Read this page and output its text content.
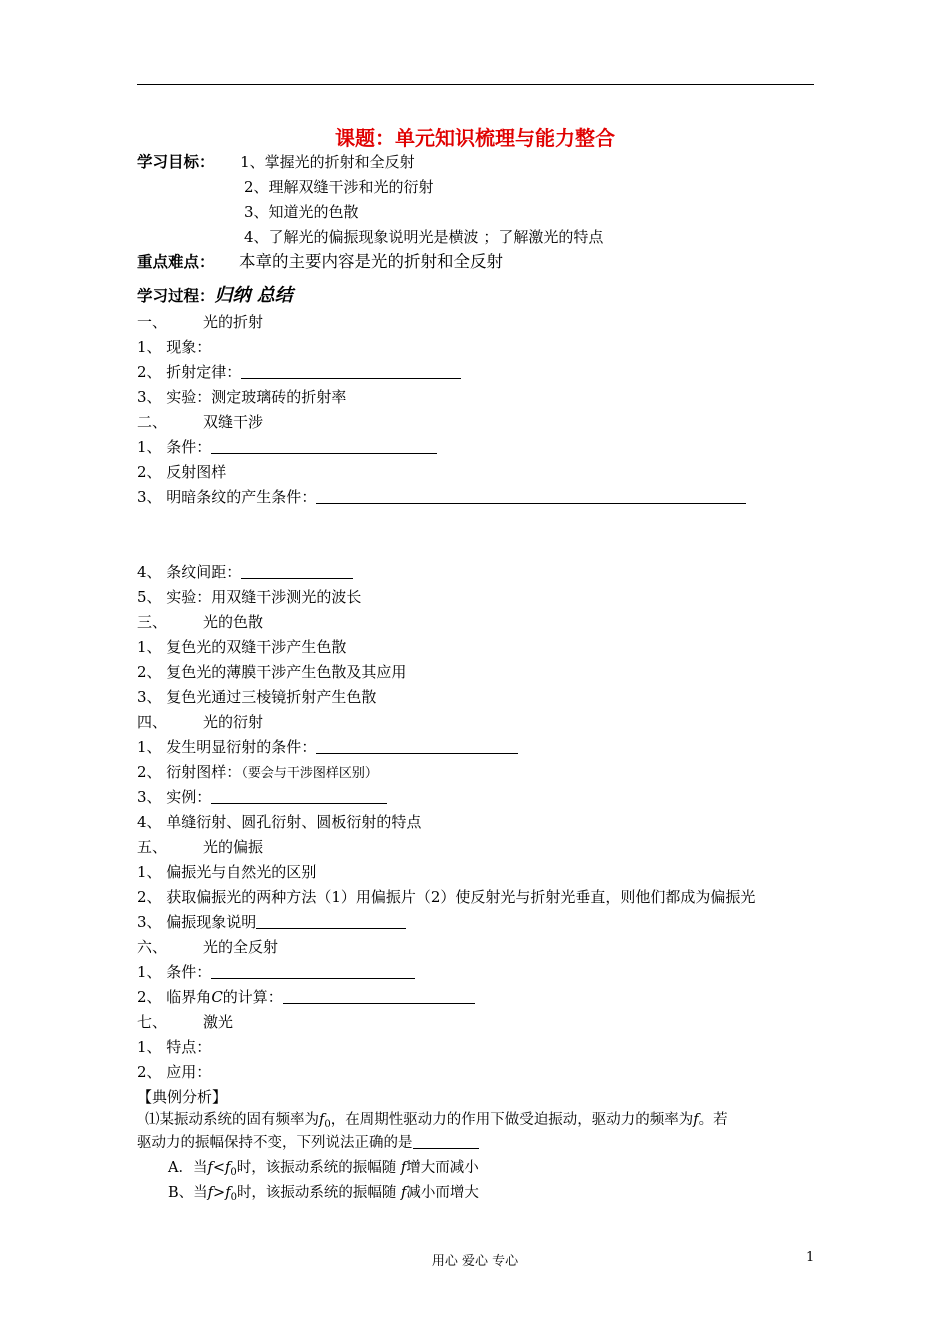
课题：单元知识梳理与能力整合
学习目标： 1、掌握光的折射和全反射
2、理解双缝干涉和光的衍射
3、知道光的色散
4、了解光的偏振现象说明光是横波 ；了解激光的特点
重点难点： 本章的主要内容是光的折射和全反射
学习过程：归纳 总结
一、 光的折射
1、 现象：
2、 折射定律：
3、 实验：测定玻璃砖的折射率
二、 双缝干涉
1、 条件：
2、 反射图样
3、 明暗条纹的产生条件：
4、 条纹间距：
5、 实验：用双缝干涉测光的波长
三、 光的色散
1、 复色光的双缝干涉产生色散
2、 复色光的薄膜干涉产生色散及其应用
3、 复色光通过三棱镜折射产生色散
四、 光的衍射
1、 发生明显衍射的条件：
2、 衍射图样：（要会与干涉图样区别）
3、 实例：
4、 单缝衍射、圆孔衍射、圆板衍射的特点
五、 光的偏振
1、 偏振光与自然光的区别
2、 获取偏振光的两种方法（1）用偏振片（2）使反射光与折射光垂直，则他们都成为偏振光
3、 偏振现象说明
六、 光的全反射
1、 条件：
2、 临界角C的计算：
七、 激光
1、 特点：
2、 应用：
【典例分析】
⑴某振动系统的固有频率为$f_0$，在周期性驱动力的作用下做受迫振动，驱动力的频率为f。若
驱动力的振幅保持不变，下列说法正确的是
A．当$f<f_0$时，该振动系统的振幅随 f增大而减小
B、当$f>f_0$时，该振动系统的振幅随 f减小而增大
用心 爱心 专心	1
